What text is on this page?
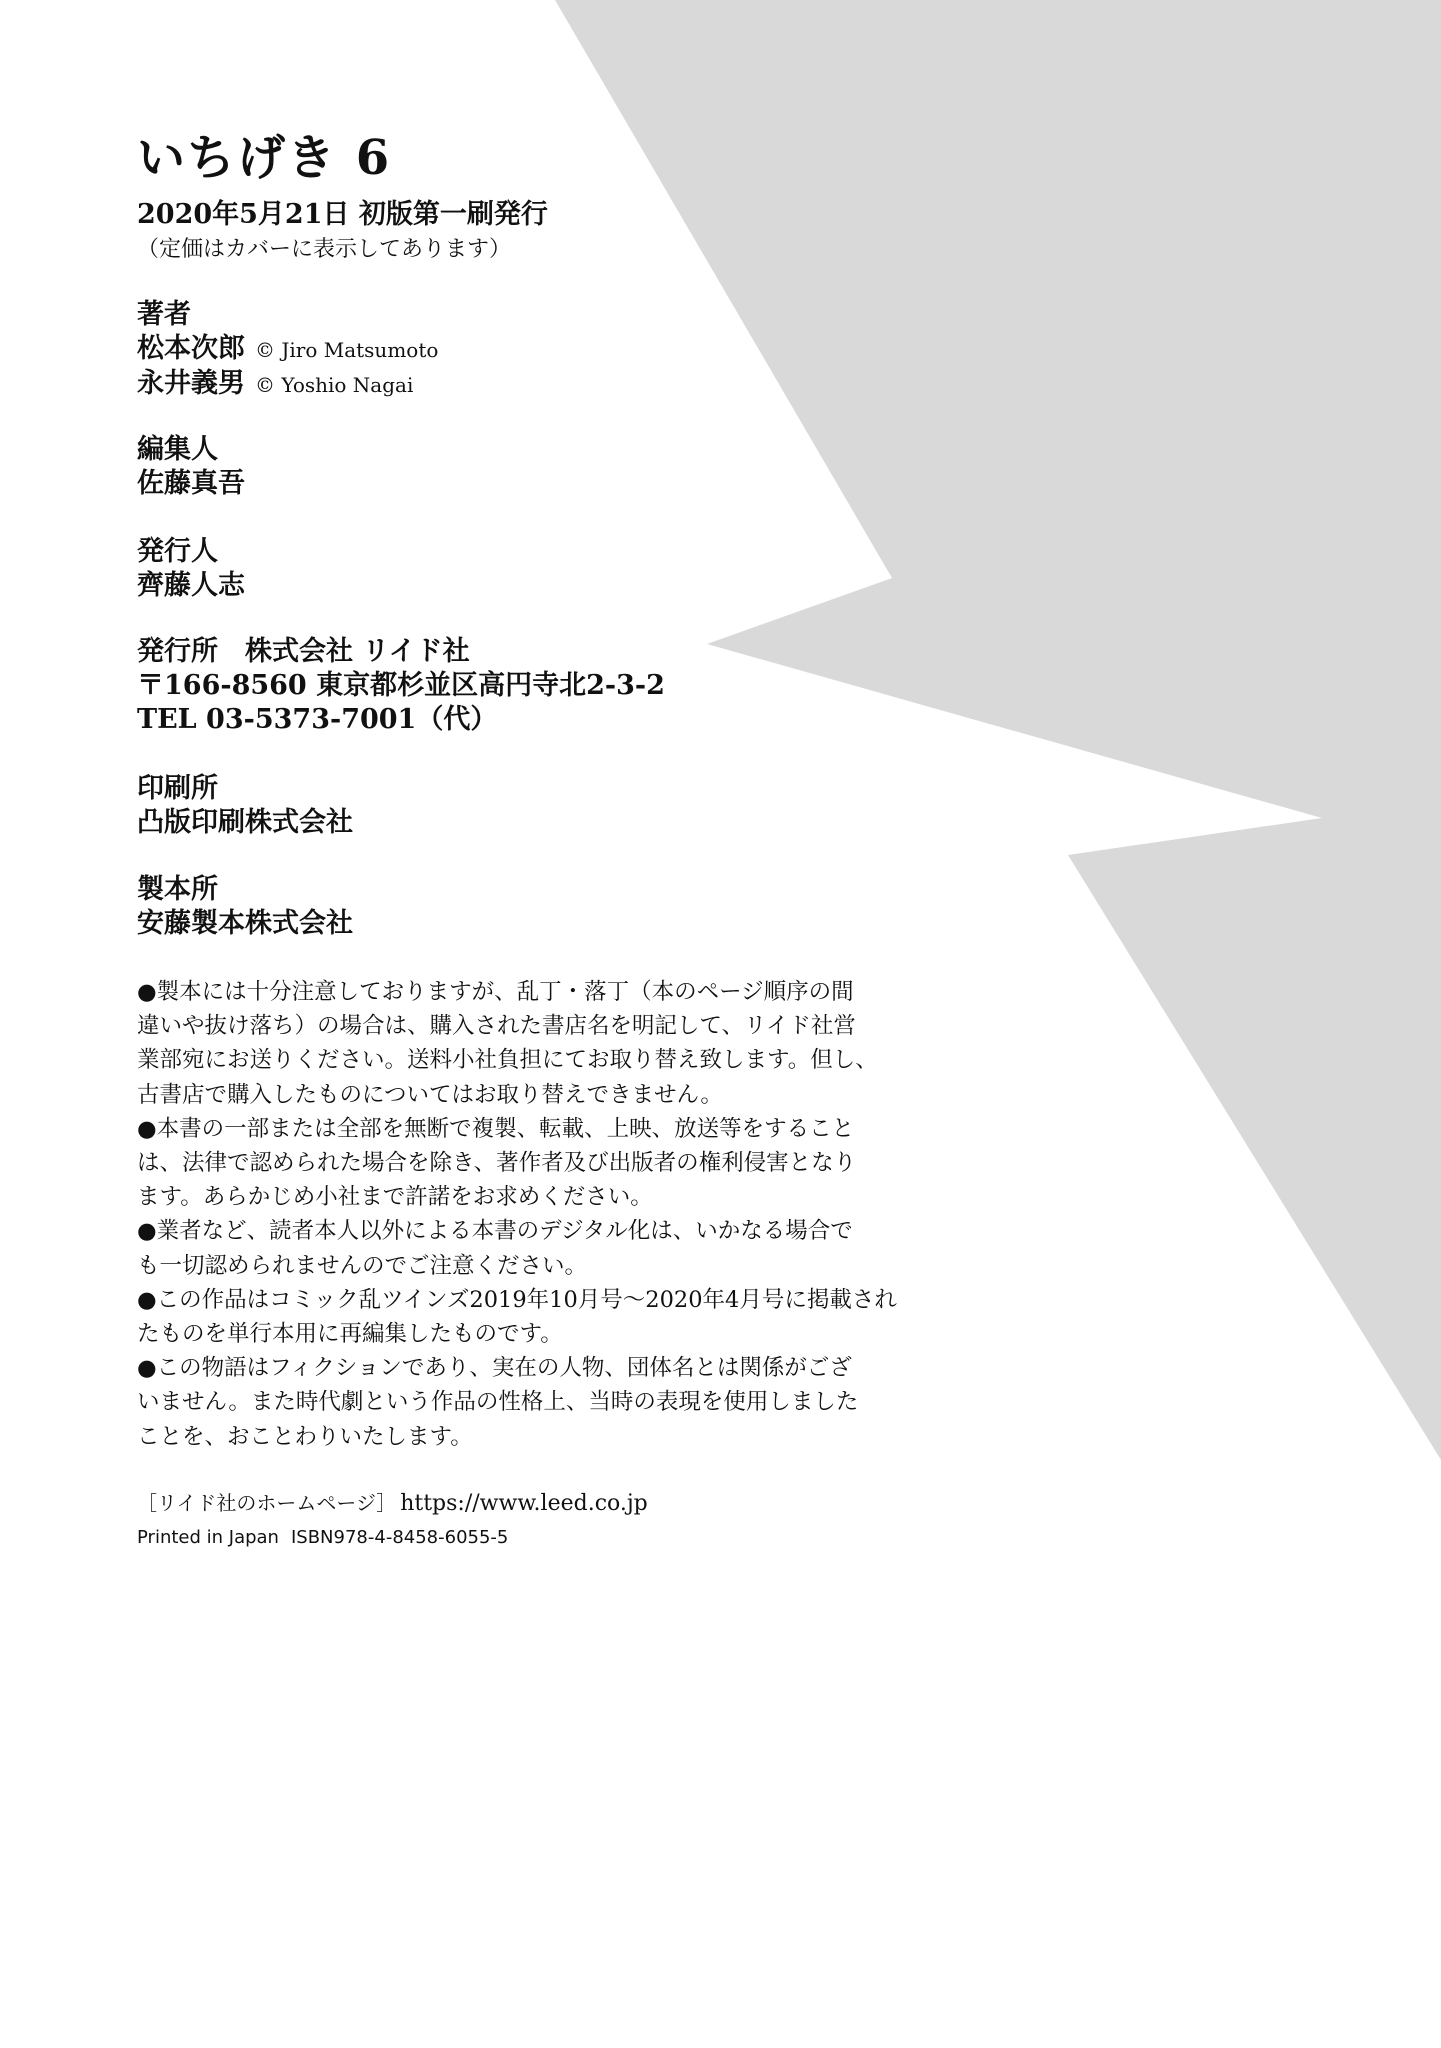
いちげき 6
2020年5月21日 初版第一刷発行
（定価はカバーに表示してあります）
著者
松本次郎 © Jiro Matsumoto
永井義男 © Yoshio Nagai
編集人
佐藤真吾
発行人
齊藤人志
発行所　株式会社 リイド社
〒166-8560 東京都杉並区高円寺北2-3-2
TEL 03-5373-7001（代）
印刷所
凸版印刷株式会社
製本所
安藤製本株式会社
●製本には十分注意しておりますが、乱丁・落丁（本のページ順序の間
違いや抜け落ち）の場合は、購入された書店名を明記して、リイド社営
業部宛にお送りください。送料小社負担にてお取り替え致します。但し、
古書店で購入したものについてはお取り替えできません。
●本書の一部または全部を無断で複製、転載、上映、放送等をすること
は、法律で認められた場合を除き、著作者及び出版者の権利侵害となり
ます。あらかじめ小社まで許諾をお求めください。
●業者など、読者本人以外による本書のデジタル化は、いかなる場合で
も一切認められませんのでご注意ください。
●この作品はコミック乱ツインズ2019年10月号〜2020年4月号に掲載され
たものを単行本用に再編集したものです。
●この物語はフィクションであり、実在の人物、団体名とは関係がござ
いません。また時代劇という作品の性格上、当時の表現を使用しました
ことを、おことわりいたします。
［リイド社のホームページ］ https://www.leed.co.jp
Printed in Japan ISBN978-4-8458-6055-5
